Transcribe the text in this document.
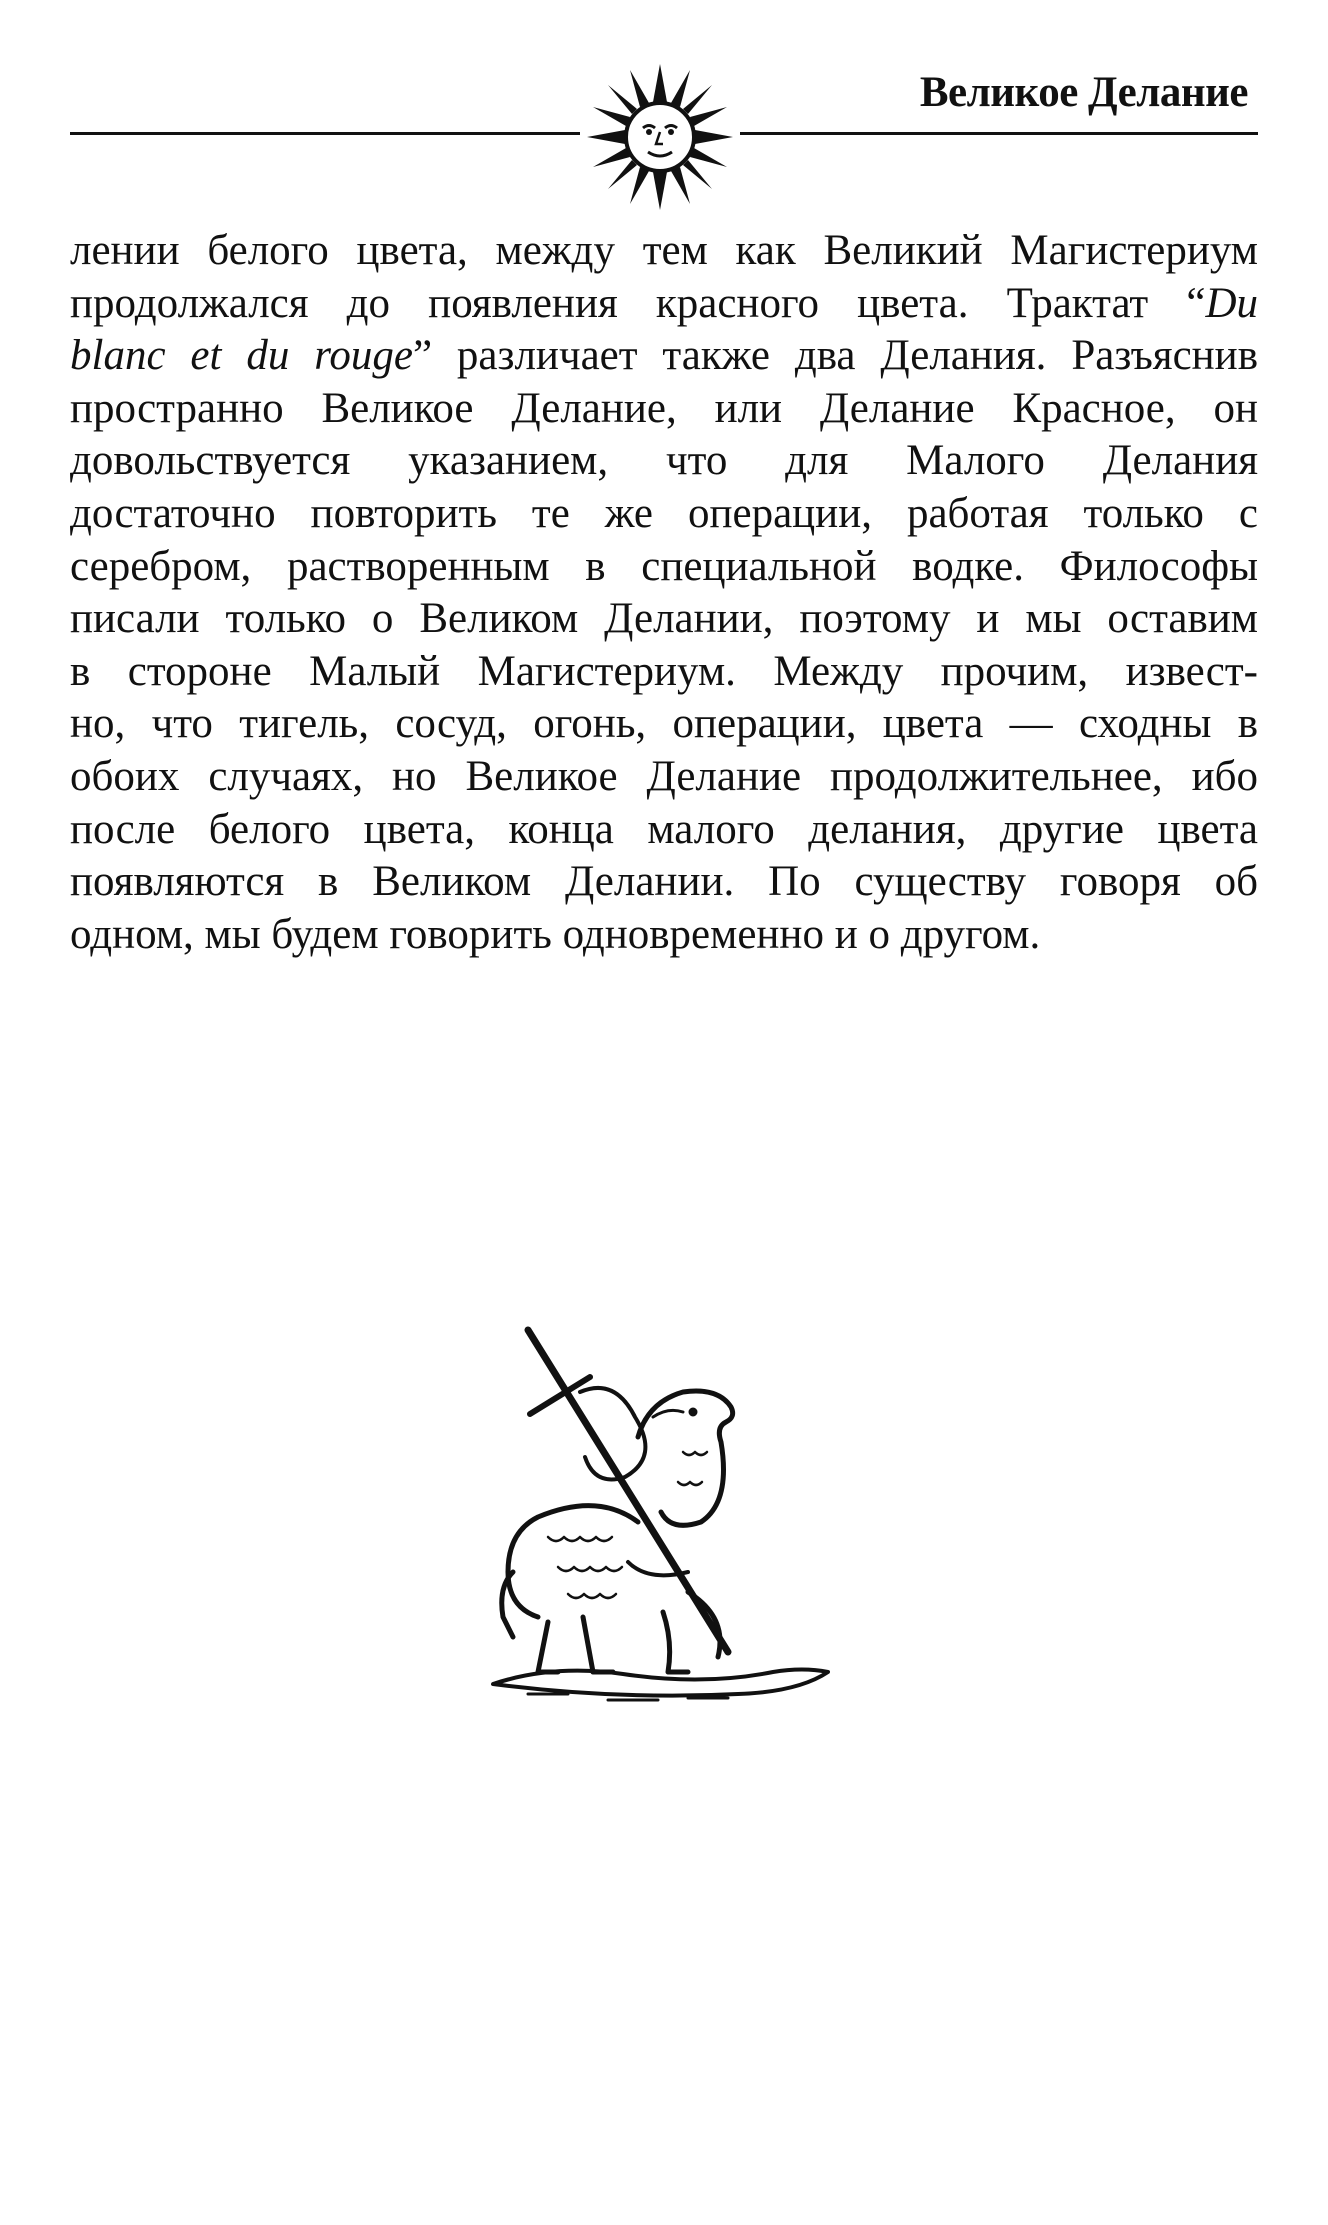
Великое Делание
лении белого цвета, между тем как Великий Магистериум
продолжался до появления красного цвета. Трактат “Du
blanc et du rouge” различает также два Делания. Разъяснив
пространно Великое Делание, или Делание Красное, он
довольствуется указанием, что для Малого Делания
достаточно повторить те же операции, работая только с
серебром, растворенным в специальной водке. Философы
писали только о Великом Делании, поэтому и мы оставим
в стороне Малый Магистериум. Между прочим, извест-
но, что тигель, сосуд, огонь, операции, цвета — сходны в
обоих случаях, но Великое Делание продолжительнее, ибо
после белого цвета, конца малого делания, другие цвета
появляются в Великом Делании. По существу говоря об
одном, мы будем говорить одновременно и о другом.
